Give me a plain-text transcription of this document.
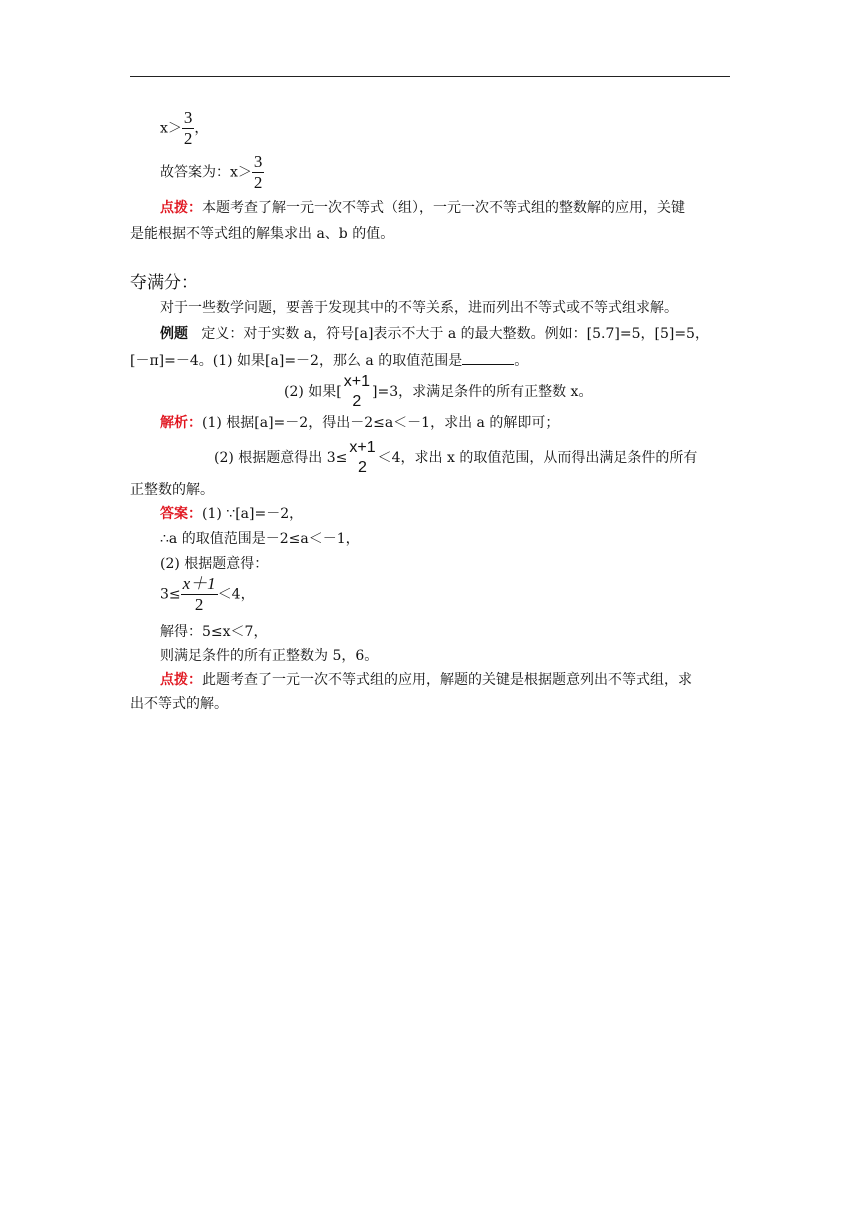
$x> \frac{3}{2}$ ，
故答案为：$x> \frac{3}{2}$
点拨：本题考查了解一元一次不等式（组），一元一次不等式组的整数解的应用，关键
是能根据不等式组的解集求出 a、b 的值。
夺满分：
对于一些数学问题，要善于发现其中的不等关系，进而列出不等式或不等式组求解。
例题 定义：对于实数 a，符号[a]表示不大于 a 的最大整数。例如：[5.7]=5，[5]=5，
[－π]=－4。(1) 如果[a]=－2，那么 a 的取值范围是	。
(2) 如果[
x+1
2
]=3，求满足条件的所有正整数 x。
解析：(1) 根据[a]=－2，得出－2≤a＜－1，求出 a 的解即可；
(2) 根据题意得出 3≤
x+1
2
＜4，求出 x 的取值范围，从而得出满足条件的所有
正整数的解。
答案：(1) ∵[a]=－2，
∴a 的取值范围是－2≤a＜－1，
(2) 根据题意得：
$3\le \frac{x+1}{2} <4$，
解得：5≤x＜7，
则满足条件的所有正整数为 5，6。
点拨：此题考查了一元一次不等式组的应用，解题的关键是根据题意列出不等式组，求
出不等式的解。
